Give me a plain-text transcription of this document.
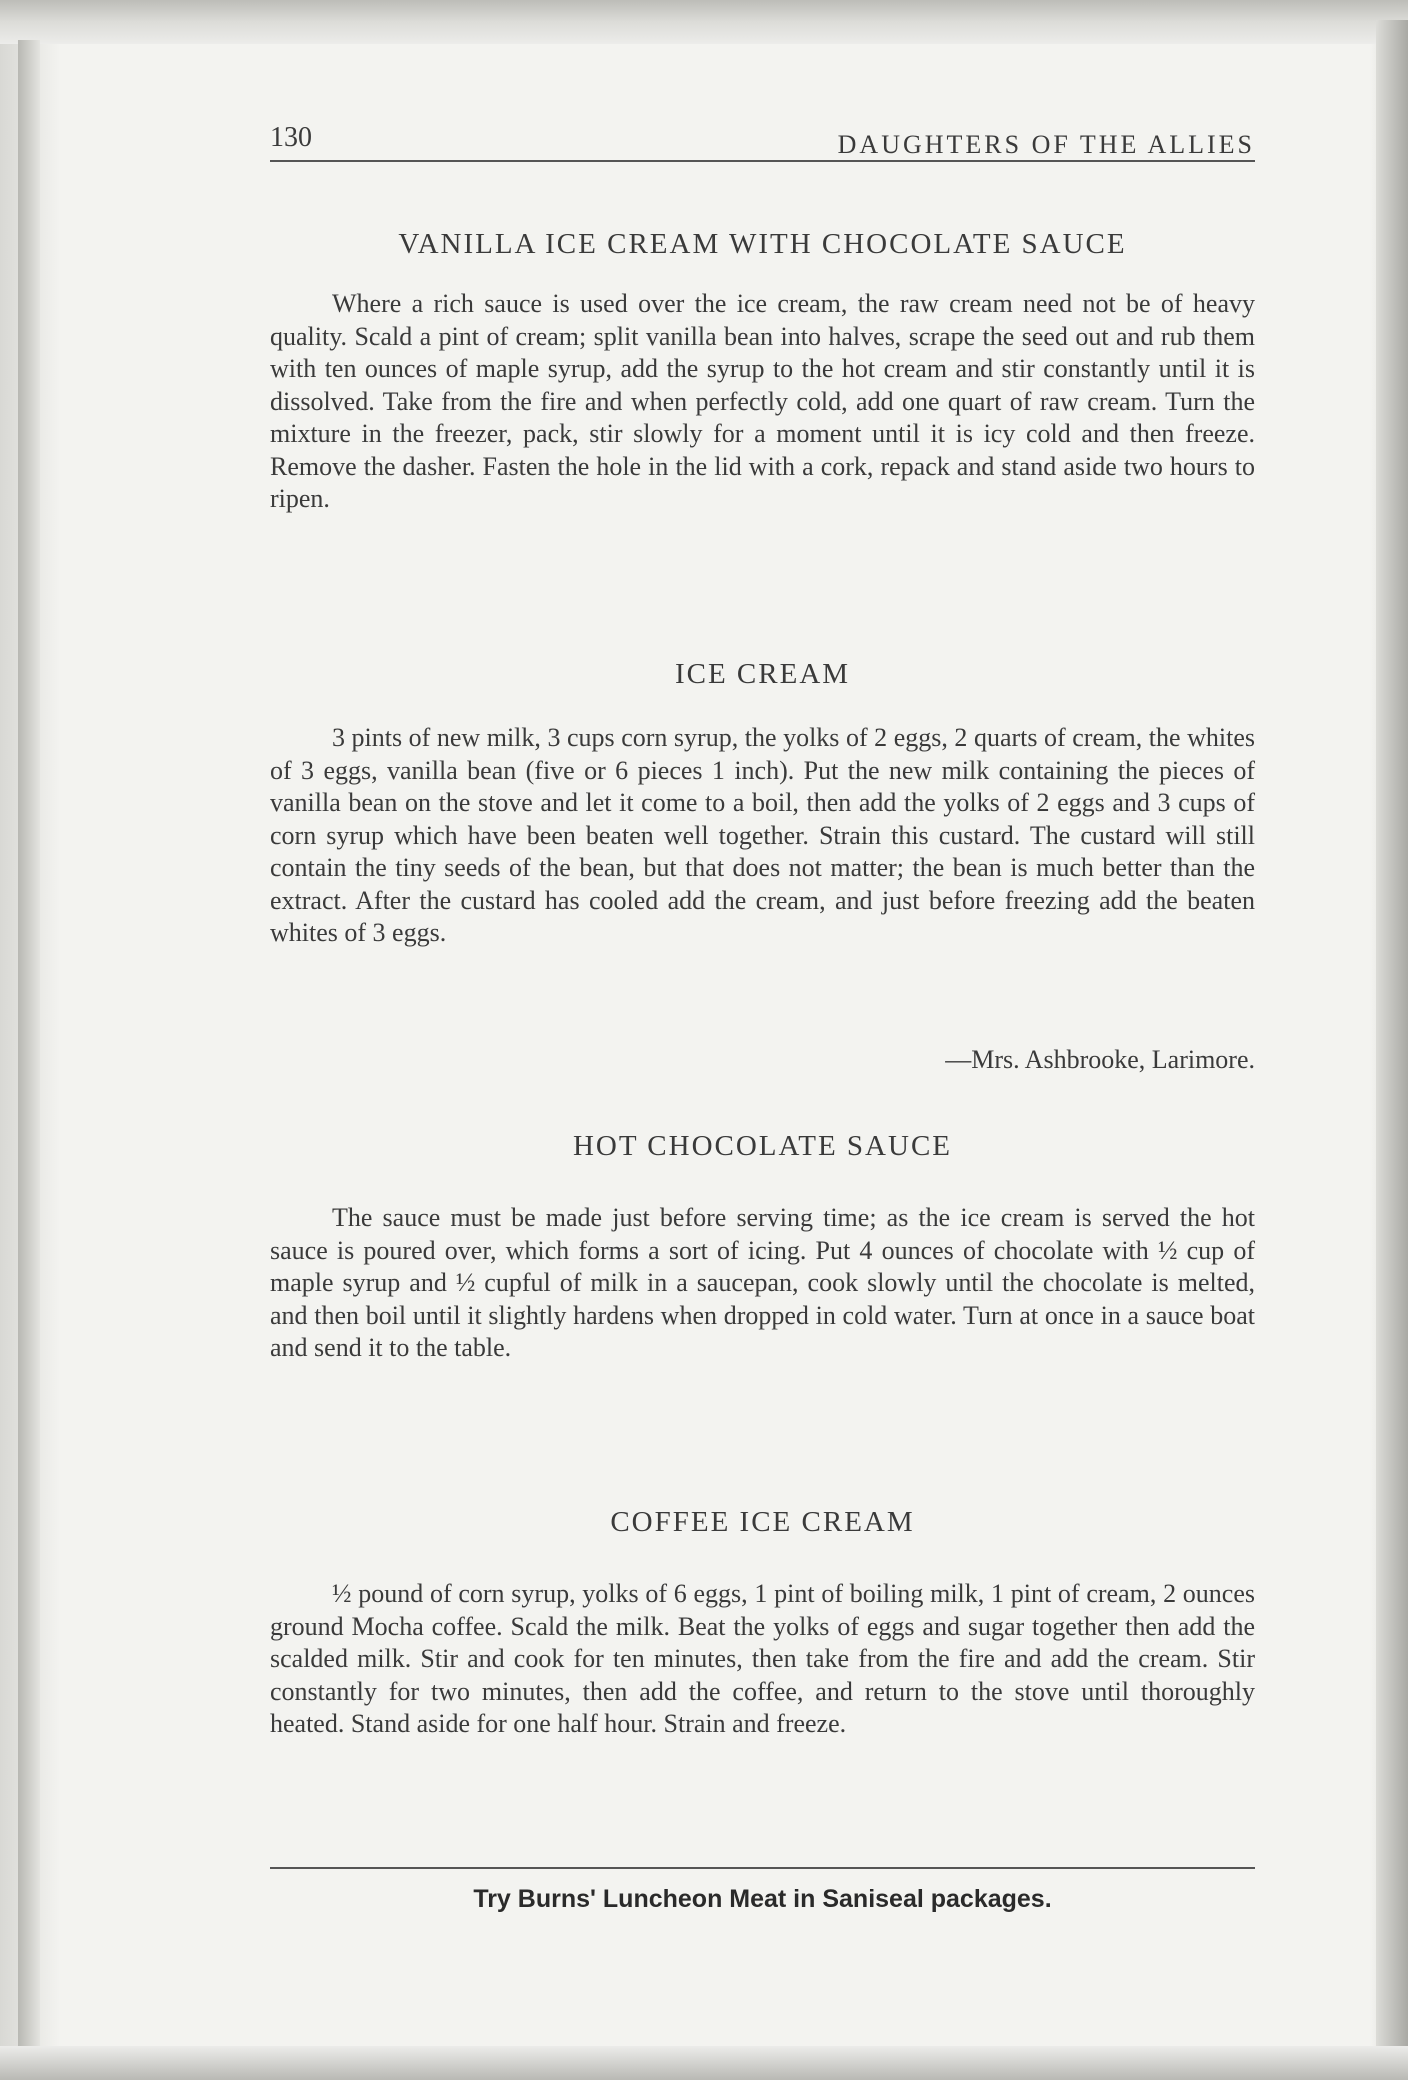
130	DAUGHTERS OF THE ALLIES
VANILLA ICE CREAM WITH CHOCOLATE SAUCE

Where a rich sauce is used over the ice cream, the raw cream need not be of heavy quality. Scald a pint of cream; split vanilla bean into halves, scrape the seed out and rub them with ten ounces of maple syrup, add the syrup to the hot cream and stir constantly until it is dissolved. Take from the fire and when perfectly cold, add one quart of raw cream. Turn the mixture in the freezer, pack, stir slowly for a moment until it is icy cold and then freeze. Remove the dasher. Fasten the hole in the lid with a cork, repack and stand aside two hours to ripen.

ICE CREAM

3 pints of new milk, 3 cups corn syrup, the yolks of 2 eggs, 2 quarts of cream, the whites of 3 eggs, vanilla bean (five or 6 pieces 1 inch). Put the new milk containing the pieces of vanilla bean on the stove and let it come to a boil, then add the yolks of 2 eggs and 3 cups of corn syrup which have been beaten well together. Strain this custard. The custard will still contain the tiny seeds of the bean, but that does not matter; the bean is much better than the extract. After the custard has cooled add the cream, and just before freezing add the beaten whites of 3 eggs.

—Mrs. Ashbrooke, Larimore.

HOT CHOCOLATE SAUCE

The sauce must be made just before serving time; as the ice cream is served the hot sauce is poured over, which forms a sort of icing. Put 4 ounces of chocolate with ½ cup of maple syrup and ½ cupful of milk in a saucepan, cook slowly until the chocolate is melted, and then boil until it slightly hardens when dropped in cold water. Turn at once in a sauce boat and send it to the table.

COFFEE ICE CREAM

½ pound of corn syrup, yolks of 6 eggs, 1 pint of boiling milk, 1 pint of cream, 2 ounces ground Mocha coffee. Scald the milk. Beat the yolks of eggs and sugar together then add the scalded milk. Stir and cook for ten minutes, then take from the fire and add the cream. Stir constantly for two minutes, then add the coffee, and return to the stove until thoroughly heated. Stand aside for one half hour. Strain and freeze.

Try Burns' Luncheon Meat in Saniseal packages.
